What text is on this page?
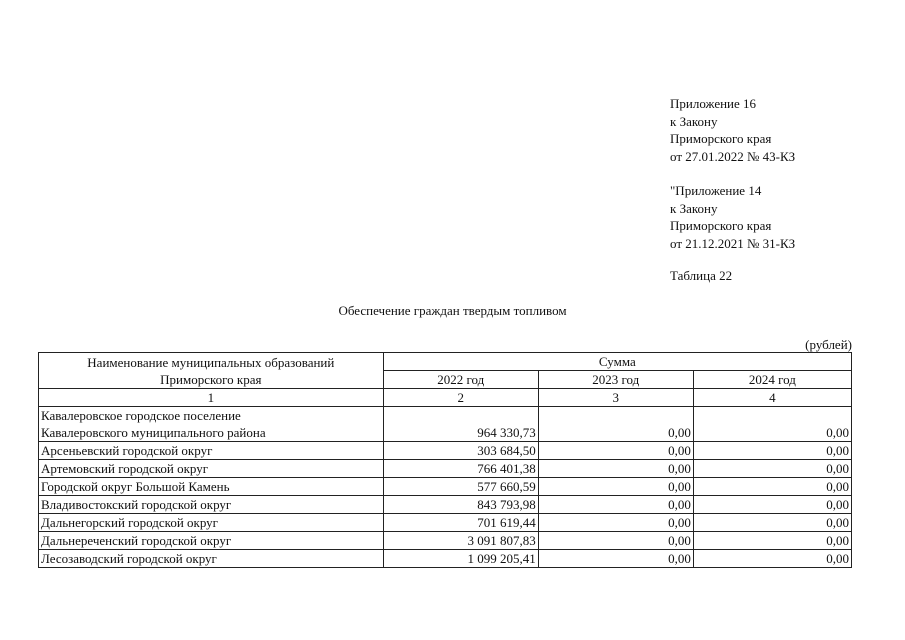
Приложение 16
к Закону
Приморского края
от 27.01.2022 № 43-КЗ
"Приложение 14
к Закону
Приморского края
от 21.12.2021 № 31-КЗ
Таблица 22
Обеспечение граждан твердым топливом
(рублей)
Наименование муниципальных образований
Приморского края	Сумма		
	2022 год	2023 год	2024 год
1	2	3	4

Кавалеровское городское поселение
Кавалеровского муниципального района	964 330,73	0,00	0,00
Арсеньевский городской округ	303 684,50	0,00	0,00
Артемовский городской округ	766 401,38	0,00	0,00
Городской округ Большой Камень	577 660,59	0,00	0,00
Владивостокский городской округ	843 793,98	0,00	0,00
Дальнегорский городской округ	701 619,44	0,00	0,00
Дальнереченский городской округ	3 091 807,83	0,00	0,00
Лесозаводский городской округ	1 099 205,41	0,00	0,00
